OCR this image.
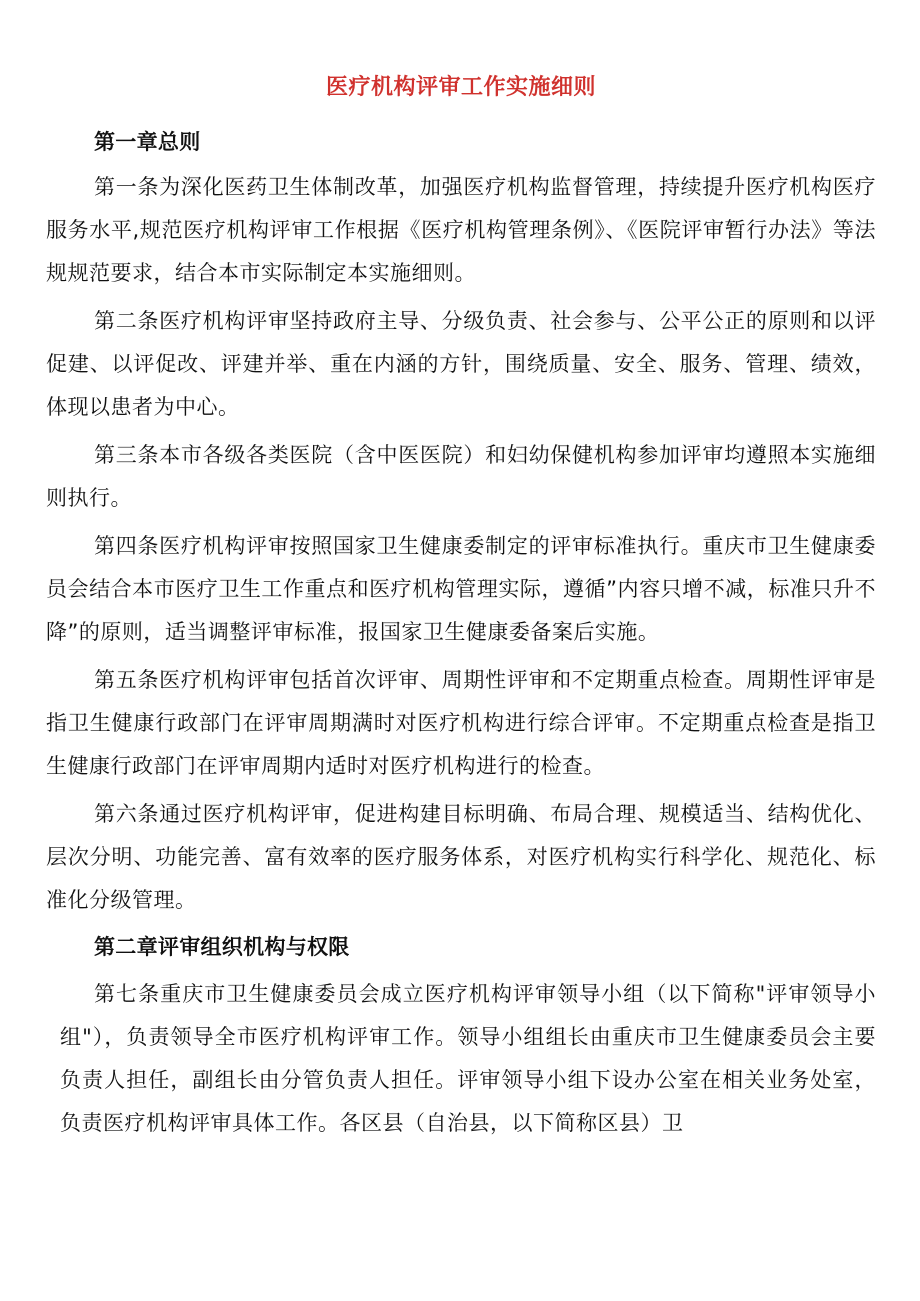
医疗机构评审工作实施细则
第一章总则

第一条为深化医药卫生体制改革，加强医疗机构监督管理，持续提升医疗机构医疗服务水平,规范医疗机构评审工作根据《医疗机构管理条例》、《医院评审暂行办法》等法规规范要求，结合本市实际制定本实施细则。

第二条医疗机构评审坚持政府主导、分级负责、社会参与、公平公正的原则和以评促建、以评促改、评建并举、重在内涵的方针，围绕质量、安全、服务、管理、绩效，体现以患者为中心。

第三条本市各级各类医院（含中医医院）和妇幼保健机构参加评审均遵照本实施细则执行。

第四条医疗机构评审按照国家卫生健康委制定的评审标准执行。重庆市卫生健康委员会结合本市医疗卫生工作重点和医疗机构管理实际，遵循”内容只增不减，标准只升不降”的原则，适当调整评审标准，报国家卫生健康委备案后实施。

第五条医疗机构评审包括首次评审、周期性评审和不定期重点检查。周期性评审是指卫生健康行政部门在评审周期满时对医疗机构进行综合评审。不定期重点检查是指卫生健康行政部门在评审周期内适时对医疗机构进行的检查。

第六条通过医疗机构评审，促进构建目标明确、布局合理、规模适当、结构优化、层次分明、功能完善、富有效率的医疗服务体系，对医疗机构实行科学化、规范化、标准化分级管理。

第二章评审组织机构与权限

第七条重庆市卫生健康委员会成立医疗机构评审领导小组（以下简称"评审领导小组"），负责领导全市医疗机构评审工作。领导小组组长由重庆市卫生健康委员会主要负责人担任，副组长由分管负责人担任。评审领导小组下设办公室在相关业务处室，负责医疗机构评审具体工作。各区县（自治县，以下简称区县）卫
